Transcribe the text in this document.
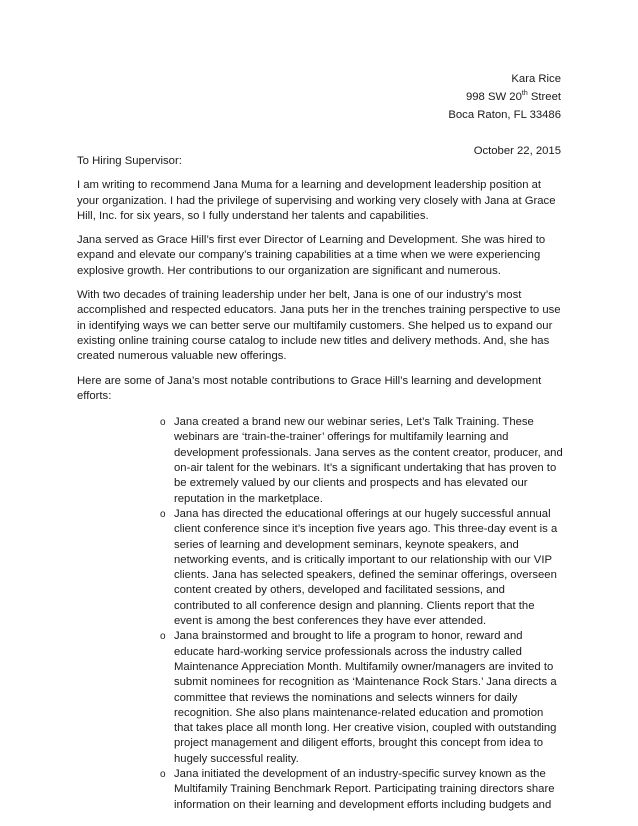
Kara Rice
998 SW 20th Street
Boca Raton, FL 33486
October 22, 2015

To Hiring Supervisor:

I am writing to recommend Jana Muma for a learning and development leadership position at your organization. I had the privilege of supervising and working very closely with Jana at Grace Hill, Inc. for six years, so I fully understand her talents and capabilities.

Jana served as Grace Hill’s first ever Director of Learning and Development. She was hired to expand and elevate our company’s training capabilities at a time when we were experiencing explosive growth. Her contributions to our organization are significant and numerous.

With two decades of training leadership under her belt, Jana is one of our industry’s most accomplished and respected educators. Jana puts her in the trenches training perspective to use in identifying ways we can better serve our multifamily customers. She helped us to expand our existing online training course catalog to include new titles and delivery methods. And, she has created numerous valuable new offerings.

Here are some of Jana’s most notable contributions to Grace Hill’s learning and development efforts:

o Jana created a brand new our webinar series, Let’s Talk Training. These webinars are ‘train-the-trainer’ offerings for multifamily learning and development professionals. Jana serves as the content creator, producer, and on-air talent for the webinars. It’s a significant undertaking that has proven to be extremely valued by our clients and prospects and has elevated our reputation in the marketplace.
o Jana has directed the educational offerings at our hugely successful annual client conference since it’s inception five years ago. This three-day event is a series of learning and development seminars, keynote speakers, and networking events, and is critically important to our relationship with our VIP clients. Jana has selected speakers, defined the seminar offerings, overseen content created by others, developed and facilitated sessions, and contributed to all conference design and planning. Clients report that the event is among the best conferences they have ever attended.
o Jana brainstormed and brought to life a program to honor, reward and educate hard-working service professionals across the industry called Maintenance Appreciation Month. Multifamily owner/managers are invited to submit nominees for recognition as ‘Maintenance Rock Stars.’ Jana directs a committee that reviews the nominations and selects winners for daily recognition. She also plans maintenance-related education and promotion that takes place all month long. Her creative vision, coupled with outstanding project management and diligent efforts, brought this concept from idea to hugely successful reality.
o Jana initiated the development of an industry-specific survey known as the Multifamily Training Benchmark Report. Participating training directors share information on their learning and development efforts including budgets and
